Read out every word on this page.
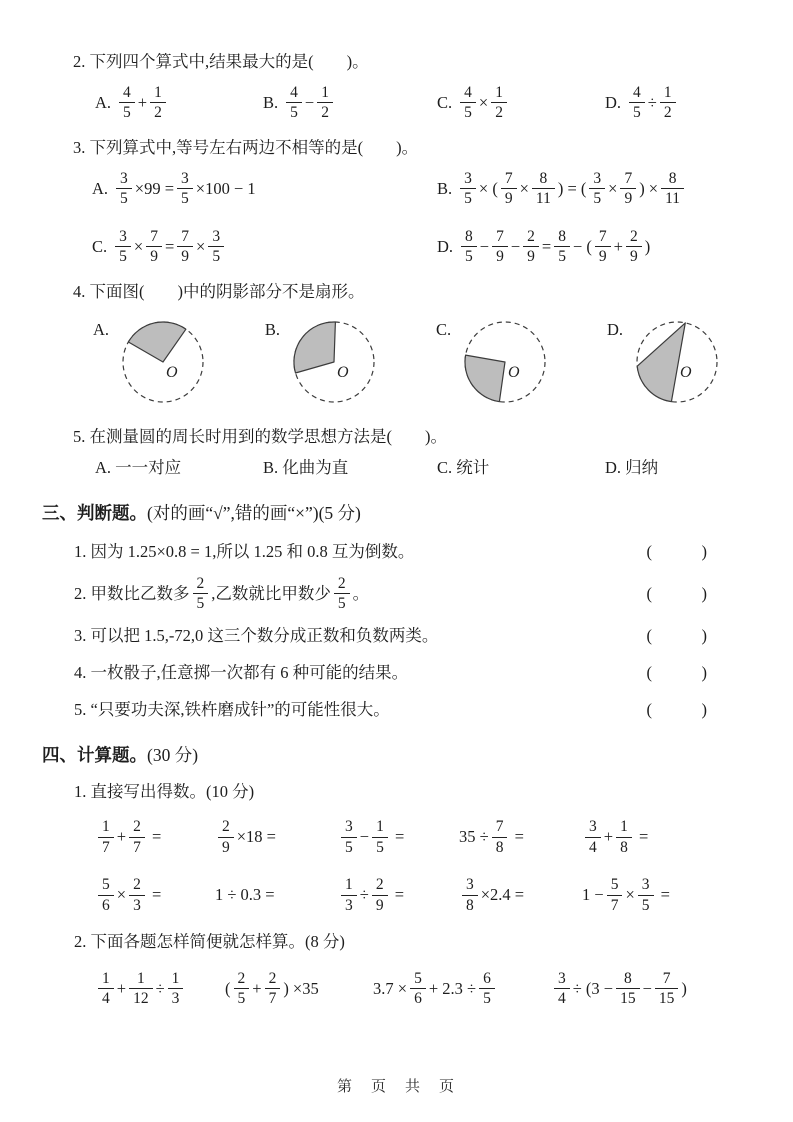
2. 下列四个算式中,结果最大的是(　　)。

A. $\frac{4}{5} + \frac{1}{2}$	B. $\frac{4}{5} - \frac{1}{2}$	C. $\frac{4}{5} \times \frac{1}{2}$	D. $\frac{4}{5} \div \frac{1}{2}$

3. 下列算式中,等号左右两边不相等的是(　　)。

A. $\frac{3}{5} \times 99 = \frac{3}{5} \times 100 - 1$	B. $\frac{3}{5}$ × ( $\frac{7}{9} \times \frac{8}{11}$ ) = ( $\frac{3}{5} \times \frac{7}{9}$ ) × $\frac{8}{11}$
C. $\frac{3}{5} \times \frac{7}{9} = \frac{7}{9} \times \frac{3}{5}$	D. $\frac{8}{5} - \frac{7}{9} - \frac{2}{9} = \frac{8}{5}$ − ( $\frac{7}{9} + \frac{2}{9}$ )

4. 下面图(　　)中的阴影部分不是扇形。

A.
O
B.
O
C.
O
D.
O

5. 在测量圆的周长时用到的数学思想方法是(　　)。

A. 一一对应	B. 化曲为直	C. 统计	D. 归纳
三、判断题。(对的画“√”,错的画“×”)(5 分)
1. 因为 1.25×0.8 = 1,所以 1.25 和 0.8 互为倒数。	(　　　)
2. 甲数比乙数多 $\frac{2}{5}$ ,乙数就比甲数少 $\frac{2}{5}$ 。	(　　　)
3. 可以把 1.5,-72,0 这三个数分成正数和负数两类。	(　　　)
4. 一枚骰子,任意掷一次都有 6 种可能的结果。	(　　　)
5. “只要功夫深,铁杵磨成针”的可能性很大。	(　　　)
四、计算题。(30 分)

1. 直接写出得数。(10 分)

$\frac{1}{7} + \frac{2}{7}$ =	$\frac{2}{9} \times 18$ =	$\frac{3}{5} - \frac{1}{5}$ =	$35 \div \frac{7}{8}$ =	$\frac{3}{4} + \frac{1}{8}$ =
$\frac{5}{6} \times \frac{2}{3}$ =	1 ÷ 0.3 =	$\frac{1}{3} \div \frac{2}{9}$ =	$\frac{3}{8} \times 2.4$ =	$1 - \frac{5}{7} \times \frac{3}{5}$ =

2. 下面各题怎样简便就怎样算。(8 分)

$\frac{1}{4} + \frac{1}{12} \div \frac{1}{3}$	( $\frac{2}{5} + \frac{2}{7}$ ) ×35	$3.7 \times \frac{5}{6} + 2.3 \div \frac{6}{5}$	$\frac{3}{4} \div (3 - \frac{8}{15} - \frac{7}{15}$ )
第　页　共　页
